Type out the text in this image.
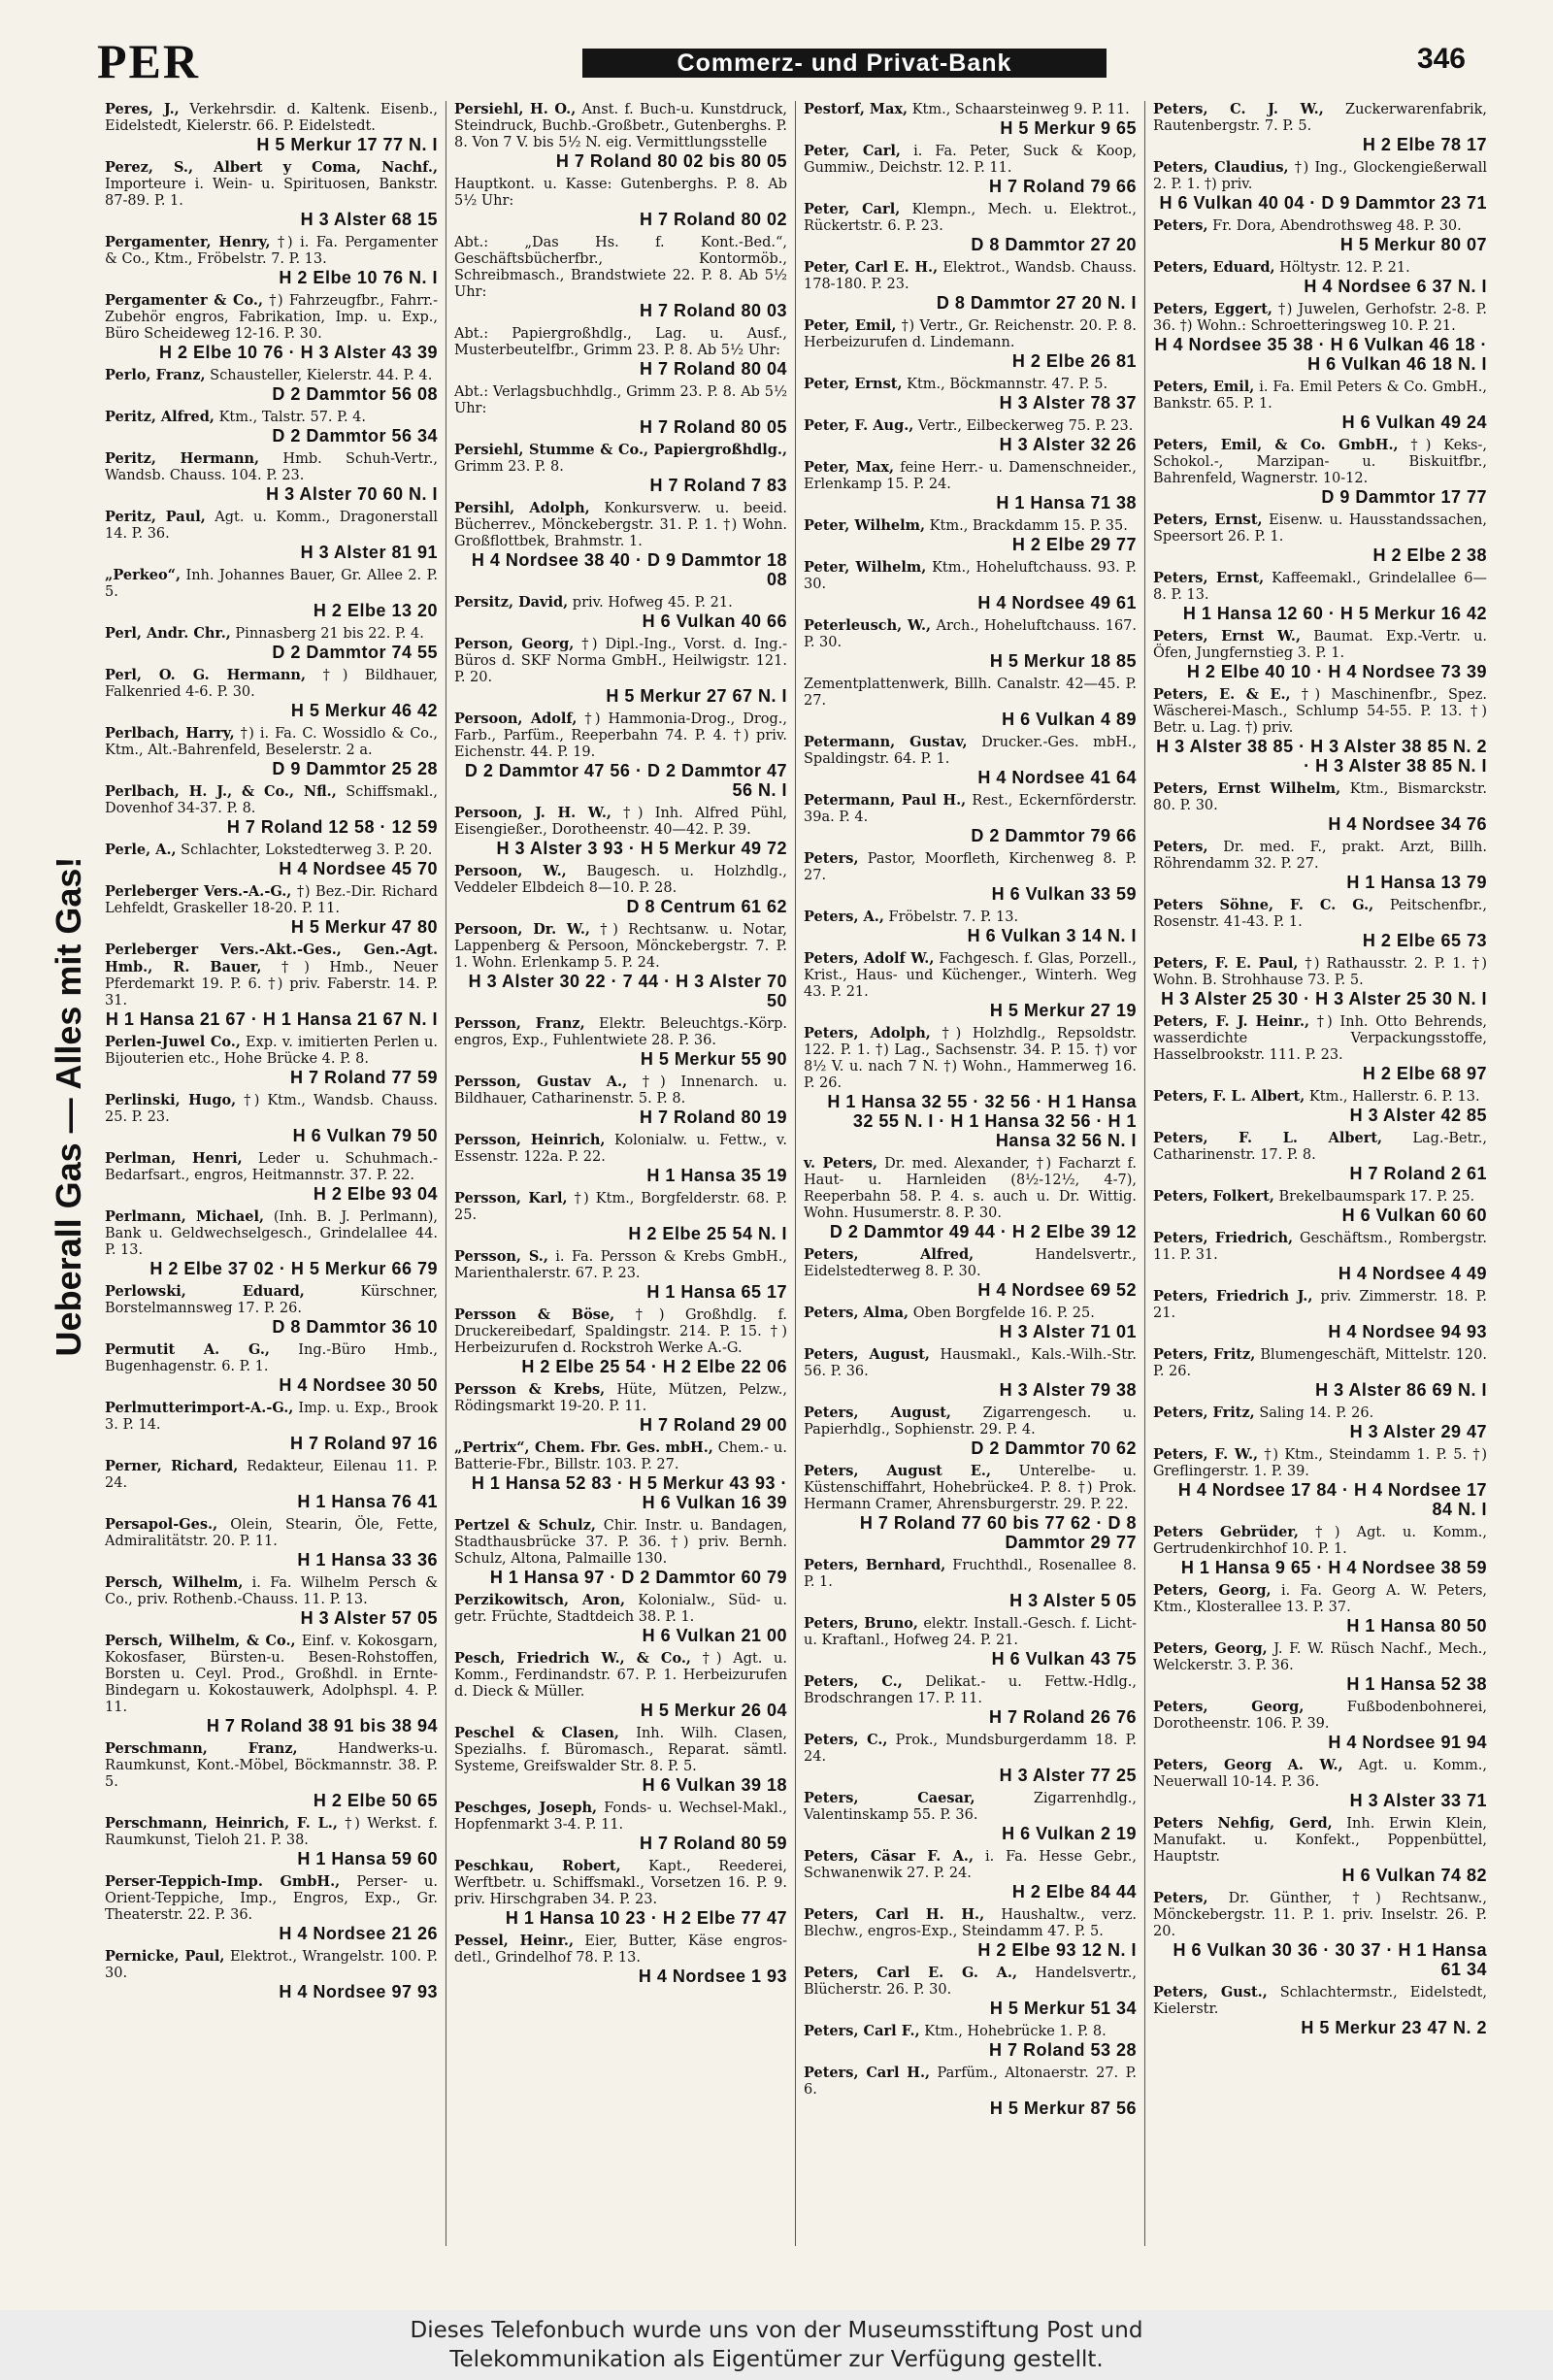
PER	Commerz- und Privat-Bank	346
Ueberall Gas — Alles mit Gas!
Peres, J., Verkehrsdir. d. Kaltenk. Eisenb., Eidelstedt, Kielerstr. 66. P. Eidelstedt.
H 5 Merkur 17 77 N. I
Perez, S., Albert y Coma, Nachf., Importeure i. Wein- u. Spirituosen, Bankstr. 87-89. P. 1.
H 3 Alster 68 15
Pergamenter, Henry, †) i. Fa. Pergamenter & Co., Ktm., Fröbelstr. 7. P. 13.
H 2 Elbe 10 76 N. I
Pergamenter & Co., †) Fahrzeugfbr., Fahrr.-Zubehör engros, Fabrikation, Imp. u. Exp., Büro Scheideweg 12-16. P. 30.
H 2 Elbe 10 76 · H 3 Alster 43 39
Perlo, Franz, Schausteller, Kielerstr. 44. P. 4.
D 2 Dammtor 56 08
Peritz, Alfred, Ktm., Talstr. 57. P. 4.
D 2 Dammtor 56 34
Peritz, Hermann, Hmb. Schuh-Vertr., Wandsb. Chauss. 104. P. 23.
H 3 Alster 70 60 N. I
Peritz, Paul, Agt. u. Komm., Dragonerstall 14. P. 36.
H 3 Alster 81 91
„Perkeo“, Inh. Johannes Bauer, Gr. Allee 2. P. 5.
H 2 Elbe 13 20
Perl, Andr. Chr., Pinnasberg 21 bis 22. P. 4.
D 2 Dammtor 74 55
Perl, O. G. Hermann, †) Bildhauer, Falkenried 4-6. P. 30.
H 5 Merkur 46 42
Perlbach, Harry, †) i. Fa. C. Wossidlo & Co., Ktm., Alt.-Bahrenfeld, Beselerstr. 2 a.
D 9 Dammtor 25 28
Perlbach, H. J., & Co., Nfl., Schiffsmakl., Dovenhof 34-37. P. 8.
H 7 Roland 12 58 · 12 59
Perle, A., Schlachter, Lokstedterweg 3. P. 20.
H 4 Nordsee 45 70
Perleberger Vers.-A.-G., †) Bez.-Dir. Richard Lehfeldt, Graskeller 18-20. P. 11.
H 5 Merkur 47 80
Perleberger Vers.-Akt.-Ges., Gen.-Agt. Hmb., R. Bauer, †) Hmb., Neuer Pferdemarkt 19. P. 6. †) priv. Faberstr. 14. P. 31.
H 1 Hansa 21 67 · H 1 Hansa 21 67 N. I
Perlen-Juwel Co., Exp. v. imitierten Perlen u. Bijouterien etc., Hohe Brücke 4. P. 8.
H 7 Roland 77 59
Perlinski, Hugo, †) Ktm., Wandsb. Chauss. 25. P. 23.
H 6 Vulkan 79 50
Perlman, Henri, Leder u. Schuhmach.-Bedarfsart., engros, Heitmannstr. 37. P. 22.
H 2 Elbe 93 04
Perlmann, Michael, (Inh. B. J. Perlmann), Bank u. Geldwechselgesch., Grindelallee 44. P. 13.
H 2 Elbe 37 02 · H 5 Merkur 66 79
Perlowski, Eduard,	Kürschner, Borstelmannsweg 17. P. 26.
D 8 Dammtor 36 10
Permutit A. G., Ing.-Büro Hmb., Bugenhagenstr. 6. P. 1.
H 4 Nordsee 30 50
Perlmutterimport-A.-G., Imp. u. Exp., Brook 3. P. 14.
H 7 Roland 97 16
Perner, Richard, Redakteur, Eilenau 11. P. 24.
H 1 Hansa 76 41
Persapol-Ges., Olein, Stearin, Öle, Fette, Admiralitätstr. 20. P. 11.
H 1 Hansa 33 36
Persch, Wilhelm, i. Fa. Wilhelm Persch & Co., priv. Rothenb.-Chauss. 11. P. 13.
H 3 Alster 57 05
Persch, Wilhelm, & Co., Einf. v. Kokosgarn, Kokosfaser, Bürsten-u. Besen-Rohstoffen, Borsten u. Ceyl. Prod., Großhdl. in Ernte-Bindegarn u. Kokostauwerk, Adolphspl. 4. P. 11.
H 7 Roland 38 91 bis 38 94
Perschmann, Franz,	Handwerks-u. Raumkunst, Kont.-Möbel, Böckmannstr. 38. P. 5.
H 2 Elbe 50 65
Perschmann, Heinrich, F. L., †) Werkst. f. Raumkunst, Tieloh 21. P. 38.
H 1 Hansa 59 60
Perser-Teppich-Imp. GmbH., Perser- u. Orient-Teppiche, Imp., Engros, Exp., Gr. Theaterstr. 22. P. 36.
H 4 Nordsee 21 26
Pernicke, Paul, Elektrot., Wrangelstr. 100. P. 30.
H 4 Nordsee 97 93
Persiehl, H. O., Anst. f. Buch-u. Kunstdruck, Steindruck, Buchb.-Großbetr., Gutenberghs. P. 8. Von 7 V. bis 5½ N. eig. Vermittlungsstelle
H 7 Roland 80 02 bis 80 05
Hauptkont. u. Kasse: Gutenberghs. P. 8. Ab 5½ Uhr:
H 7 Roland 80 02
Abt.: „Das Hs. f. Kont.-Bed.“, Geschäftsbücherfbr., Kontormöb., Schreibmasch., Brandstwiete 22. P. 8. Ab 5½ Uhr:
H 7 Roland 80 03
Abt.: Papiergroßhdlg., Lag. u. Ausf., Musterbeutelfbr., Grimm 23. P. 8. Ab 5½ Uhr:
H 7 Roland 80 04
Abt.: Verlagsbuchhdlg., Grimm 23. P. 8. Ab 5½ Uhr:
H 7 Roland 80 05
Persiehl, Stumme & Co., Papiergroßhdlg., Grimm 23. P. 8.
H 7 Roland 7 83
Persihl, Adolph, Konkursverw. u. beeid. Bücherrev., Mönckebergstr. 31. P. 1. †) Wohn. Großflottbek, Brahmstr. 1.
H 4 Nordsee 38 40 · D 9 Dammtor 18 08
Persitz, David, priv. Hofweg 45. P. 21.
H 6 Vulkan 40 66
Person, Georg, †) Dipl.-Ing., Vorst. d. Ing.-Büros d. SKF Norma GmbH., Heilwigstr. 121. P. 20.
H 5 Merkur 27 67 N. I
Persoon, Adolf, †) Hammonia-Drog., Drog., Farb., Parfüm., Reeperbahn 74. P. 4. †) priv. Eichenstr. 44. P. 19.
D 2 Dammtor 47 56 · D 2 Dammtor 47 56 N. I
Persoon, J. H. W., †) Inh. Alfred Pühl, Eisengießer., Dorotheenstr. 40—42. P. 39.
H 3 Alster 3 93 · H 5 Merkur 49 72
Persoon, W., Baugesch. u. Holzhdlg., Veddeler Elbdeich 8—10. P. 28.
D 8 Centrum 61 62
Persoon, Dr. W., †) Rechtsanw. u. Notar, Lappenberg & Persoon, Mönckebergstr. 7. P. 1. Wohn. Erlenkamp 5. P. 24.
H 3 Alster 30 22 · 7 44 · H 3 Alster 70 50
Persson, Franz, Elektr. Beleuchtgs.-Körp. engros, Exp., Fuhlentwiete 28. P. 36.
H 5 Merkur 55 90
Persson, Gustav A., †) Innenarch. u. Bildhauer, Catharinenstr. 5. P. 8.
H 7 Roland 80 19
Persson, Heinrich, Kolonialw. u. Fettw., v. Essenstr. 122a. P. 22.
H 1 Hansa 35 19
Persson, Karl, †) Ktm., Borgfelderstr. 68. P. 25.
H 2 Elbe 25 54 N. I
Persson, S., i. Fa. Persson & Krebs GmbH., Marienthalerstr. 67. P. 23.
H 1 Hansa 65 17
Persson & Böse, †) Großhdlg. f. Druckereibedarf, Spaldingstr. 214. P. 15. †) Herbeizurufen d. Rockstroh Werke A.-G.
H 2 Elbe 25 54 · H 2 Elbe 22 06
Persson & Krebs, Hüte, Mützen, Pelzw., Rödingsmarkt 19-20. P. 11.
H 7 Roland 29 00
„Pertrix“, Chem. Fbr. Ges. mbH., Chem.- u. Batterie-Fbr., Billstr. 103. P. 27.
H 1 Hansa 52 83 · H 5 Merkur 43 93 · H 6 Vulkan 16 39
Pertzel & Schulz, Chir. Instr. u. Bandagen, Stadthausbrücke 37. P. 36. †) priv. Bernh. Schulz, Altona, Palmaille 130.
H 1 Hansa 97 · D 2 Dammtor 60 79
Perzikowitsch, Aron, Kolonialw., Süd- u. getr. Früchte, Stadtdeich 38. P. 1.
H 6 Vulkan 21 00
Pesch, Friedrich W., & Co., †) Agt. u. Komm., Ferdinandstr. 67. P. 1. Herbeizurufen d. Dieck & Müller.
H 5 Merkur 26 04
Peschel & Clasen, Inh. Wilh. Clasen, Spezialhs. f. Büromasch., Reparat. sämtl. Systeme, Greifswalder Str. 8. P. 5.
H 6 Vulkan 39 18
Peschges, Joseph, Fonds- u. Wechsel-Makl., Hopfenmarkt 3-4. P. 11.
H 7 Roland 80 59
Peschkau, Robert, Kapt., Reederei, Werftbetr. u. Schiffsmakl., Vorsetzen 16. P. 9. priv. Hirschgraben 34. P. 23.
H 1 Hansa 10 23 · H 2 Elbe 77 47
Pessel, Heinr., Eier, Butter, Käse engros-detl., Grindelhof 78. P. 13.
H 4 Nordsee 1 93
Pestorf, Max, Ktm., Schaarsteinweg 9. P. 11.
H 5 Merkur 9 65
Peter, Carl, i. Fa. Peter, Suck & Koop, Gummiw., Deichstr. 12. P. 11.
H 7 Roland 79 66
Peter, Carl, Klempn., Mech. u. Elektrot., Rückertstr. 6. P. 23.
D 8 Dammtor 27 20
Peter, Carl E. H., Elektrot., Wandsb. Chauss. 178-180. P. 23.
D 8 Dammtor 27 20 N. I
Peter, Emil, †) Vertr., Gr. Reichenstr. 20. P. 8. Herbeizurufen d. Lindemann.
H 2 Elbe 26 81
Peter, Ernst, Ktm., Böckmannstr. 47. P. 5.
H 3 Alster 78 37
Peter, F. Aug., Vertr., Eilbeckerweg 75. P. 23.
H 3 Alster 32 26
Peter, Max, feine Herr.- u. Damenschneider., Erlenkamp 15. P. 24.
H 1 Hansa 71 38
Peter, Wilhelm, Ktm., Brackdamm 15. P. 35.
H 2 Elbe 29 77
Peter, Wilhelm, Ktm., Hoheluftchauss. 93. P. 30.
H 4 Nordsee 49 61
Peterleusch, W., Arch., Hoheluftchauss. 167. P. 30.
H 5 Merkur 18 85
Zementplattenwerk, Billh. Canalstr. 42—45. P. 27.
H 6 Vulkan 4 89
Petermann, Gustav, Drucker.-Ges. mbH., Spaldingstr. 64. P. 1.
H 4 Nordsee 41 64
Petermann, Paul H., Rest., Eckernförderstr. 39a. P. 4.
D 2 Dammtor 79 66
Peters, Pastor, Moorfleth, Kirchenweg 8. P. 27.
H 6 Vulkan 33 59
Peters, A., Fröbelstr. 7. P. 13.
H 6 Vulkan 3 14 N. I
Peters, Adolf W., Fachgesch. f. Glas, Porzell., Krist., Haus- und Küchenger., Winterh. Weg 43. P. 21.
H 5 Merkur 27 19
Peters, Adolph, †) Holzhdlg., Repsoldstr. 122. P. 1. †) Lag., Sachsenstr. 34. P. 15. †) vor 8½ V. u. nach 7 N. †) Wohn., Hammerweg 16. P. 26.
H 1 Hansa 32 55 · 32 56 · H 1 Hansa 32 55 N. I · H 1 Hansa 32 56 · H 1 Hansa 32 56 N. I
v. Peters, Dr. med. Alexander, †) Facharzt f. Haut- u. Harnleiden (8½-12½, 4-7), Reeperbahn 58. P. 4. s. auch u. Dr. Wittig. Wohn. Husumerstr. 8. P. 30.
D 2 Dammtor 49 44 · H 2 Elbe 39 12
Peters, Alfred,	Handelsvertr., Eidelstedterweg 8. P. 30.
H 4 Nordsee 69 52
Peters, Alma, Oben Borgfelde 16. P. 25.
H 3 Alster 71 01
Peters, August, Hausmakl., Kals.-Wilh.-Str. 56. P. 36.
H 3 Alster 79 38
Peters, August, Zigarrengesch. u. Papierhdlg., Sophienstr. 29. P. 4.
D 2 Dammtor 70 62
Peters, August E., Unterelbe- u. Küstenschiffahrt, Hohebrücke4. P. 8. †) Prok. Hermann Cramer, Ahrensburgerstr. 29. P. 22.
H 7 Roland 77 60 bis 77 62 · D 8 Dammtor 29 77
Peters, Bernhard, Fruchthdl., Rosenallee 8. P. 1.
H 3 Alster 5 05
Peters, Bruno, elektr. Install.-Gesch. f. Licht- u. Kraftanl., Hofweg 24. P. 21.
H 6 Vulkan 43 75
Peters, C., Delikat.- u. Fettw.-Hdlg., Brodschrangen 17. P. 11.
H 7 Roland 26 76
Peters, C., Prok., Mundsburgerdamm 18. P. 24.
H 3 Alster 77 25
Peters, Caesar,	Zigarrenhdlg., Valentinskamp 55. P. 36.
H 6 Vulkan 2 19
Peters, Cäsar F. A., i. Fa. Hesse Gebr., Schwanenwik 27. P. 24.
H 2 Elbe 84 44
Peters, Carl H. H., Haushaltw., verz. Blechw., engros-Exp., Steindamm 47. P. 5.
H 2 Elbe 93 12 N. I
Peters, Carl E. G. A., Handelsvertr., Blücherstr. 26. P. 30.
H 5 Merkur 51 34
Peters, Carl F., Ktm., Hohebrücke 1. P. 8.
H 7 Roland 53 28
Peters, Carl H., Parfüm., Altonaerstr. 27. P. 6.
H 5 Merkur 87 56
Peters, C. J. W., Zuckerwarenfabrik, Rautenbergstr. 7. P. 5.
H 2 Elbe 78 17
Peters, Claudius, †) Ing., Glockengießerwall 2. P. 1. †) priv.
H 6 Vulkan 40 04 · D 9 Dammtor 23 71
Peters, Fr. Dora, Abendrothsweg 48. P. 30.
H 5 Merkur 80 07
Peters, Eduard, Höltystr. 12. P. 21.
H 4 Nordsee 6 37 N. I
Peters, Eggert, †) Juwelen, Gerhofstr. 2-8. P. 36. †) Wohn.: Schroetteringsweg 10. P. 21.
H 4 Nordsee 35 38 · H 6 Vulkan 46 18 · H 6 Vulkan 46 18 N. I
Peters, Emil, i. Fa. Emil Peters & Co. GmbH., Bankstr. 65. P. 1.
H 6 Vulkan 49 24
Peters, Emil, & Co. GmbH., †) Keks-, Schokol.-, Marzipan- u. Biskuitfbr., Bahrenfeld, Wagnerstr. 10-12.
D 9 Dammtor 17 77
Peters, Ernst, Eisenw. u. Hausstandssachen, Speersort 26. P. 1.
H 2 Elbe 2 38
Peters, Ernst, Kaffeemakl., Grindelallee 6—8. P. 13.
H 1 Hansa 12 60 · H 5 Merkur 16 42
Peters, Ernst W., Baumat. Exp.-Vertr. u. Öfen, Jungfernstieg 3. P. 1.
H 2 Elbe 40 10 · H 4 Nordsee 73 39
Peters, E. & E., †) Maschinenfbr., Spez. Wäscherei-Masch., Schlump 54-55. P. 13. †) Betr. u. Lag. †) priv.
H 3 Alster 38 85 · H 3 Alster 38 85 N. 2 · H 3 Alster 38 85 N. I
Peters, Ernst Wilhelm, Ktm., Bismarckstr. 80. P. 30.
H 4 Nordsee 34 76
Peters, Dr. med. F., prakt. Arzt, Billh. Röhrendamm 32. P. 27.
H 1 Hansa 13 79
Peters Söhne, F. C. G., Peitschenfbr., Rosenstr. 41-43. P. 1.
H 2 Elbe 65 73
Peters, F. E. Paul, †) Rathausstr. 2. P. 1. †) Wohn. B. Strohhause 73. P. 5.
H 3 Alster 25 30 · H 3 Alster 25 30 N. I
Peters, F. J. Heinr., †) Inh. Otto Behrends, wasserdichte Verpackungsstoffe, Hasselbrookstr. 111. P. 23.
H 2 Elbe 68 97
Peters, F. L. Albert, Ktm., Hallerstr. 6. P. 13.
H 3 Alster 42 85
Peters, F. L. Albert, Lag.-Betr., Catharinenstr. 17. P. 8.
H 7 Roland 2 61
Peters, Folkert, Brekelbaumspark 17. P. 25.
H 6 Vulkan 60 60
Peters, Friedrich, Geschäftsm., Rombergstr. 11. P. 31.
H 4 Nordsee 4 49
Peters, Friedrich J., priv. Zimmerstr. 18. P. 21.
H 4 Nordsee 94 93
Peters, Fritz, Blumengeschäft, Mittelstr. 120. P. 26.
H 3 Alster 86 69 N. I
Peters, Fritz, Saling 14. P. 26.
H 3 Alster 29 47
Peters, F. W., †) Ktm., Steindamm 1. P. 5. †) Greflingerstr. 1. P. 39.
H 4 Nordsee 17 84 · H 4 Nordsee 17 84 N. I
Peters Gebrüder, †) Agt. u. Komm., Gertrudenkirchhof 10. P. 1.
H 1 Hansa 9 65 · H 4 Nordsee 38 59
Peters, Georg, i. Fa. Georg A. W. Peters, Ktm., Klosterallee 13. P. 37.
H 1 Hansa 80 50
Peters, Georg, J. F. W. Rüsch Nachf., Mech., Welckerstr. 3. P. 36.
H 1 Hansa 52 38
Peters, Georg,	Fußbodenbohnerei, Dorotheenstr. 106. P. 39.
H 4 Nordsee 91 94
Peters, Georg A. W., Agt. u. Komm., Neuerwall 10-14. P. 36.
H 3 Alster 33 71
Peters Nehfig, Gerd, Inh. Erwin Klein, Manufakt. u. Konfekt., Poppenbüttel, Hauptstr.
H 6 Vulkan 74 82
Peters, Dr. Günther, †) Rechtsanw., Mönckebergstr. 11. P. 1. priv. Inselstr. 26. P. 20.
H 6 Vulkan 30 36 · 30 37 · H 1 Hansa 61 34
Peters, Gust., Schlachtermstr., Eidelstedt, Kielerstr.
H 5 Merkur 23 47 N. 2
Dieses Telefonbuch wurde uns von der Museumsstiftung Post und
Telekommunikation als Eigentümer zur Verfügung gestellt.
